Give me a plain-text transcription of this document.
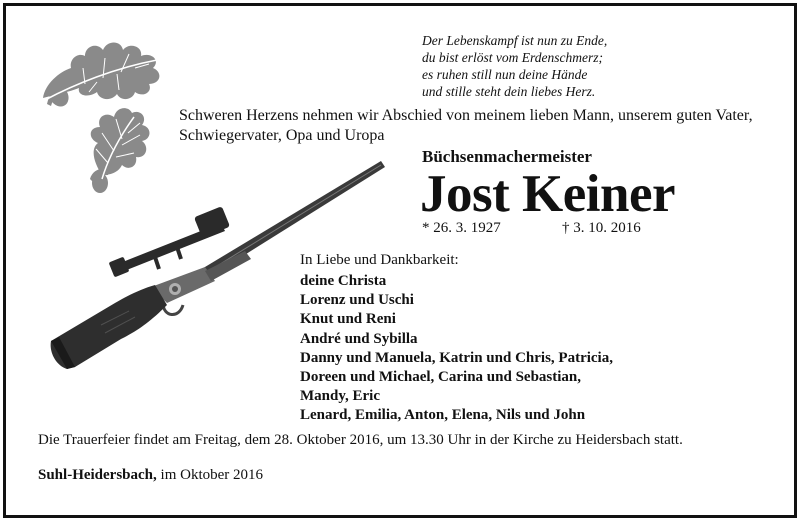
Der Lebenskampf ist nun zu Ende,
du bist erlöst vom Erdenschmerz;
es ruhen still nun deine Hände
und stille steht dein liebes Herz.
Schweren Herzens nehmen wir Abschied von meinem lieben Mann, unserem guten Vater,
Schwiegervater, Opa und Uropa
Büchsenmachermeister
Jost Keiner
* 26. 3. 1927	† 3. 10. 2016
In Liebe und Dankbarkeit:
deine Christa
Lorenz und Uschi
Knut und Reni
André und Sybilla
Danny und Manuela, Katrin und Chris, Patricia,
Doreen und Michael, Carina und Sebastian,
Mandy, Eric
Lenard, Emilia, Anton, Elena, Nils und John
Die Trauerfeier findet am Freitag, dem 28. Oktober 2016, um 13.30 Uhr in der Kirche zu Heidersbach statt.
Suhl-Heidersbach, im Oktober 2016
